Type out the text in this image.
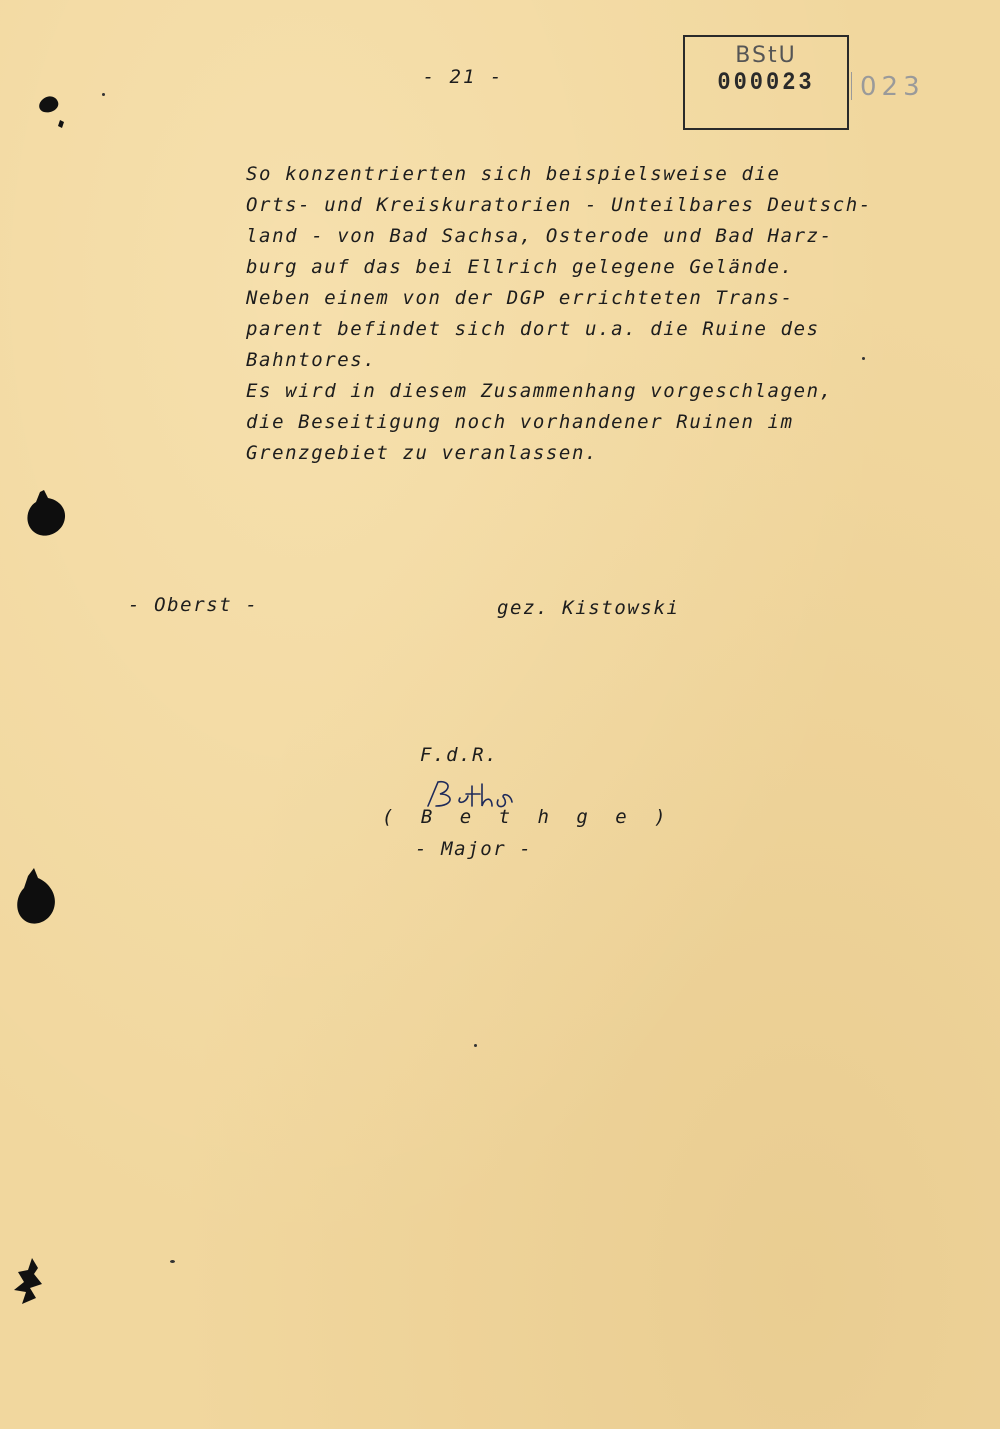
- 21 -
BStU
000023	023
So konzentrierten sich beispielsweise die
Orts- und Kreiskuratorien - Unteilbares Deutsch-
land - von Bad Sachsa, Osterode und Bad Harz-
burg auf das bei Ellrich gelegene Gelände.
Neben einem von der DGP errichteten Trans-
parent befindet sich dort u.a. die Ruine des
Bahntores.
Es wird in diesem Zusammenhang vorgeschlagen,
die Beseitigung noch vorhandener Ruinen im
Grenzgebiet zu veranlassen.
- Oberst -	gez. Kistowski
F.d.R.
( B e t h g e )
- Major -
